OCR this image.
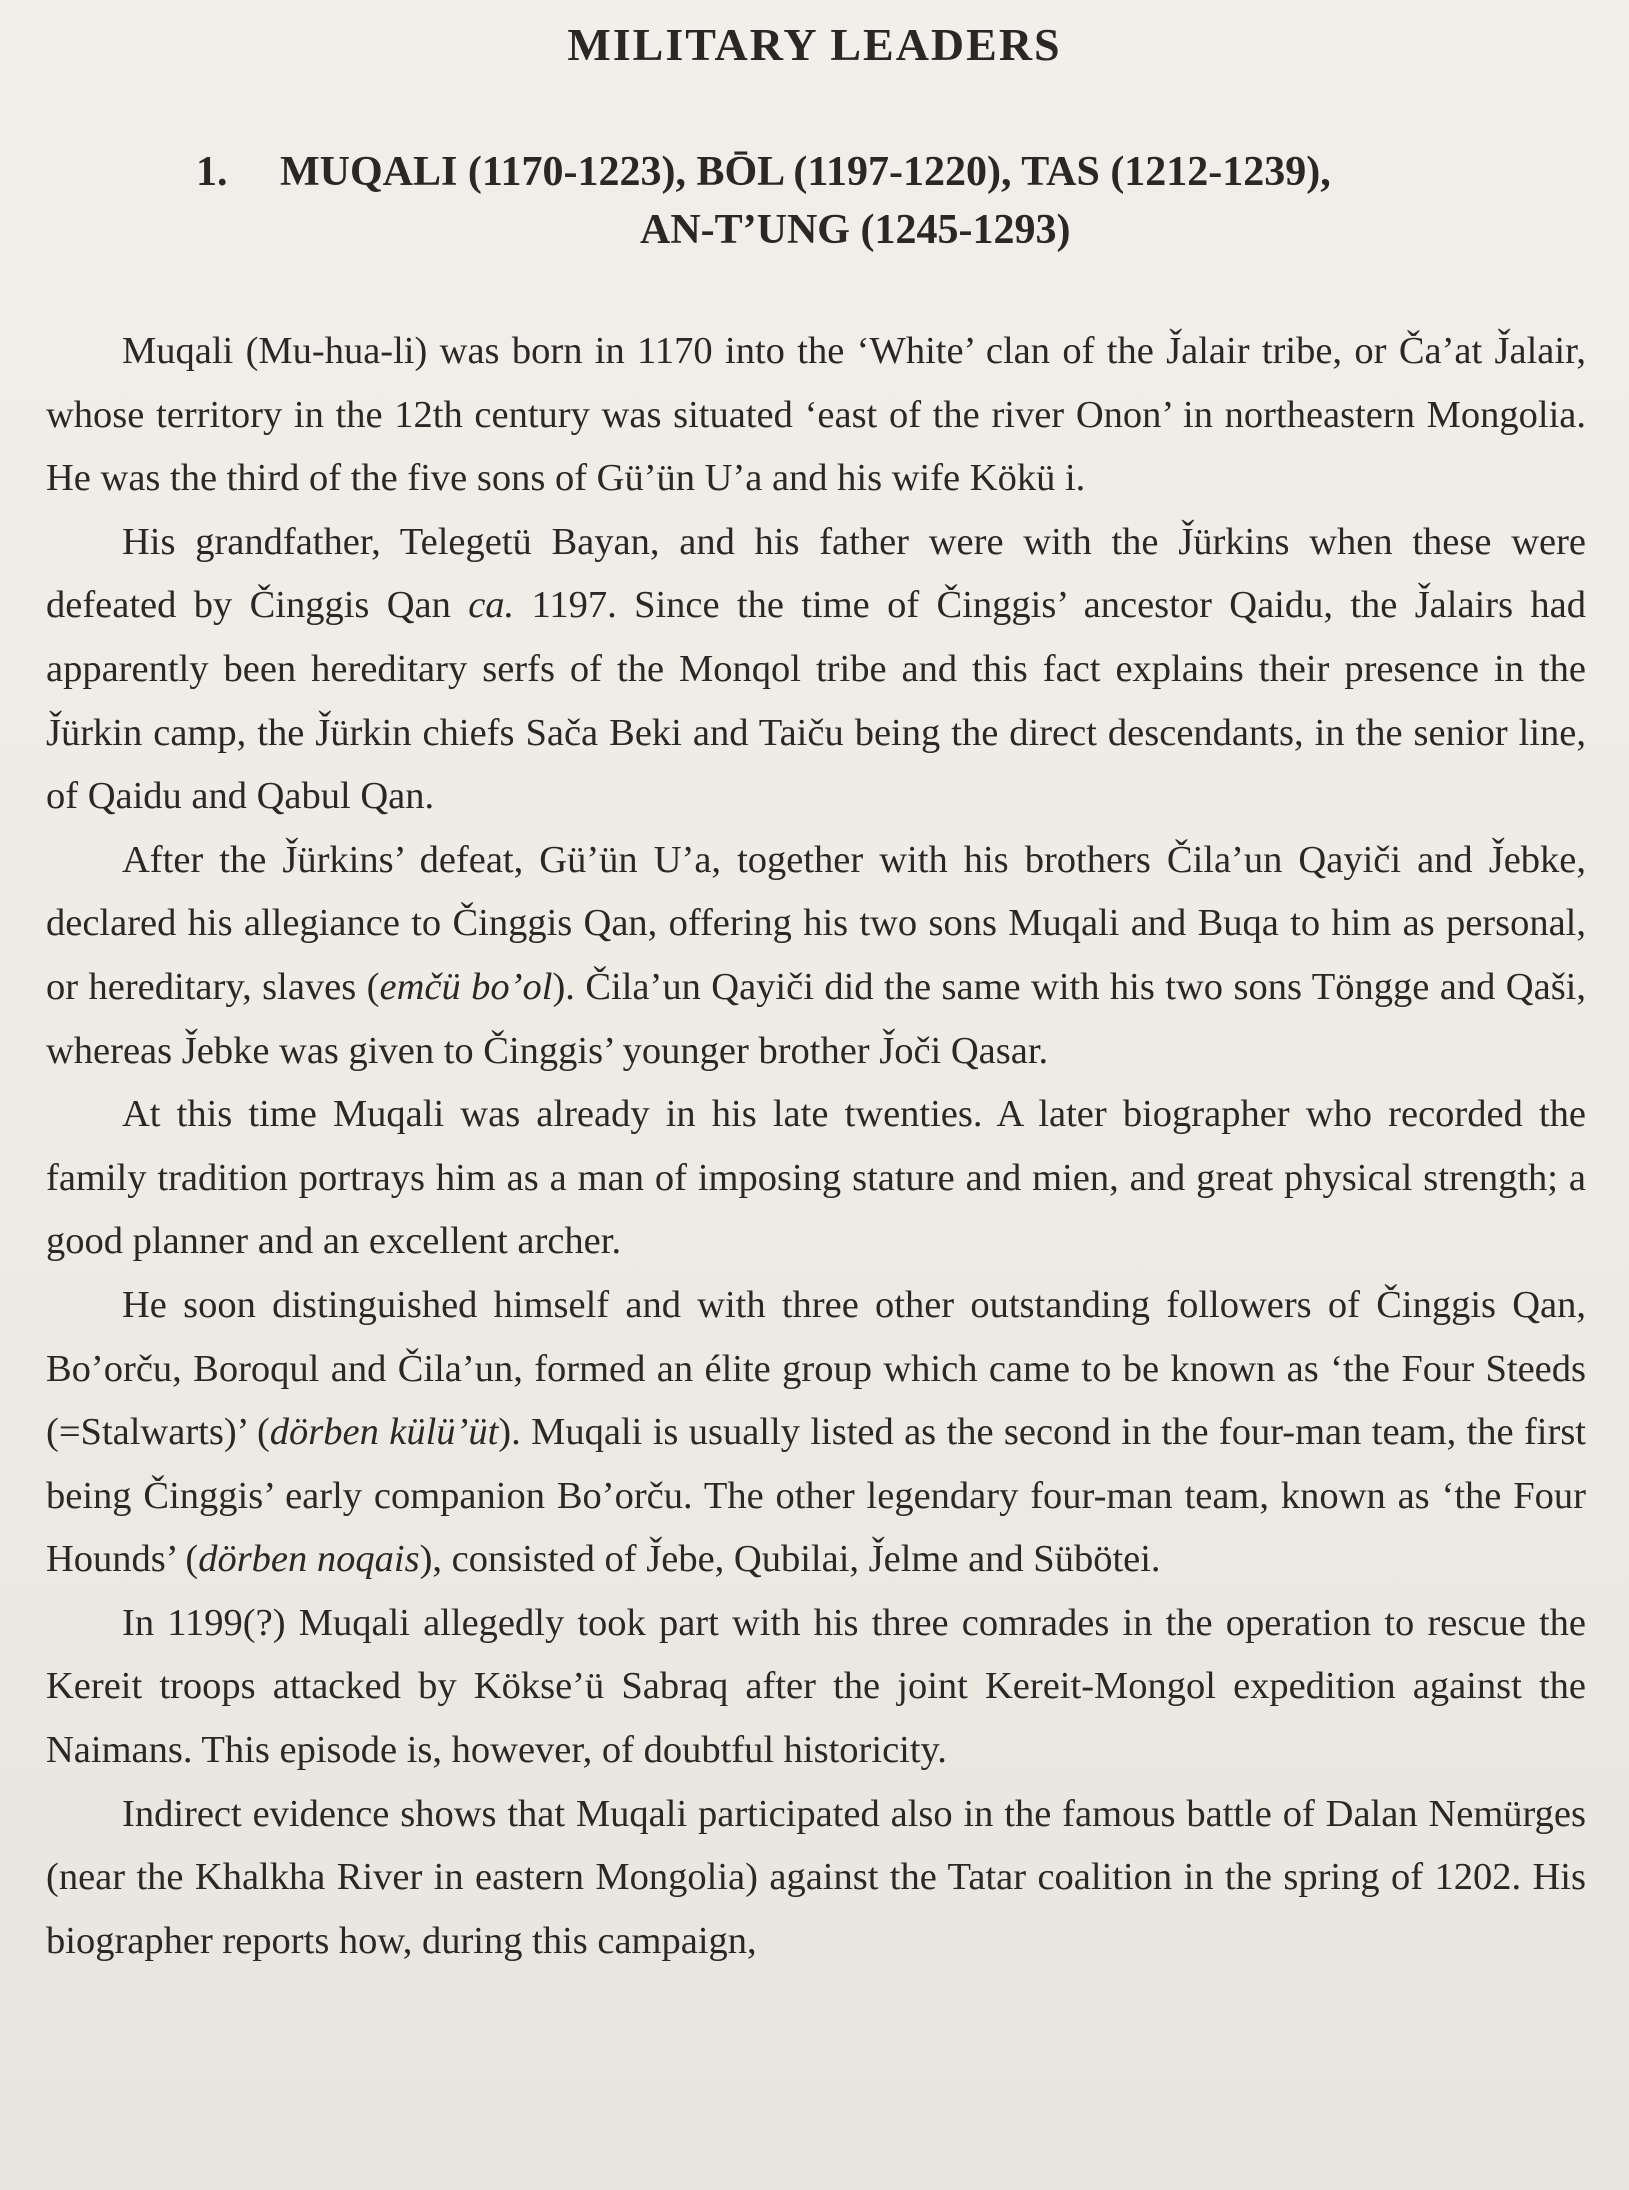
MILITARY LEADERS
1. MUQALI (1170-1223), BŌL (1197-1220), TAS (1212-1239),
AN-T’UNG (1245-1293)

Muqali (Mu-hua-li) was born in 1170 into the ‘White’ clan of the J̌alair tribe, or Ča’at J̌alair, whose territory in the 12th century was situated ‘east of the river Onon’ in northeastern Mongolia. He was the third of the five sons of Gü’ün U’a and his wife Kökü i.

His grandfather, Telegetü Bayan, and his father were with the J̌ürkins when these were defeated by Činggis Qan ca. 1197. Since the time of Činggis’ ancestor Qaidu, the J̌alairs had apparently been hereditary serfs of the Monqol tribe and this fact explains their presence in the J̌ürkin camp, the J̌ürkin chiefs Sača Beki and Taiču being the direct descendants, in the senior line, of Qaidu and Qabul Qan.

After the J̌ürkins’ defeat, Gü’ün U’a, together with his brothers Čila’un Qayiči and J̌ebke, declared his allegiance to Činggis Qan, offering his two sons Muqali and Buqa to him as personal, or hereditary, slaves (emčü bo’ol). Čila’un Qayiči did the same with his two sons Töngge and Qaši, whereas J̌ebke was given to Činggis’ younger brother J̌oči Qasar.

At this time Muqali was already in his late twenties. A later biographer who recorded the family tradition portrays him as a man of imposing stature and mien, and great physical strength; a good planner and an excellent archer.

He soon distinguished himself and with three other outstanding followers of Činggis Qan, Bo’orču, Boroqul and Čila’un, formed an élite group which came to be known as ‘the Four Steeds (=Stalwarts)’ (dörben külü’üt). Muqali is usually listed as the second in the four-man team, the first being Činggis’ early companion Bo’orču. The other legendary four-man team, known as ‘the Four Hounds’ (dörben noqais), consisted of J̌ebe, Qubilai, J̌elme and Sübӧtei.

In 1199(?) Muqali allegedly took part with his three comrades in the operation to rescue the Kereit troops attacked by Kökse’ü Sabraq after the joint Kereit-Mongol expedition against the Naimans. This episode is, however, of doubtful historicity.

Indirect evidence shows that Muqali participated also in the famous battle of Dalan Nemürges (near the Khalkha River in eastern Mongolia) against the Tatar coalition in the spring of 1202. His biographer reports how, during this campaign,
